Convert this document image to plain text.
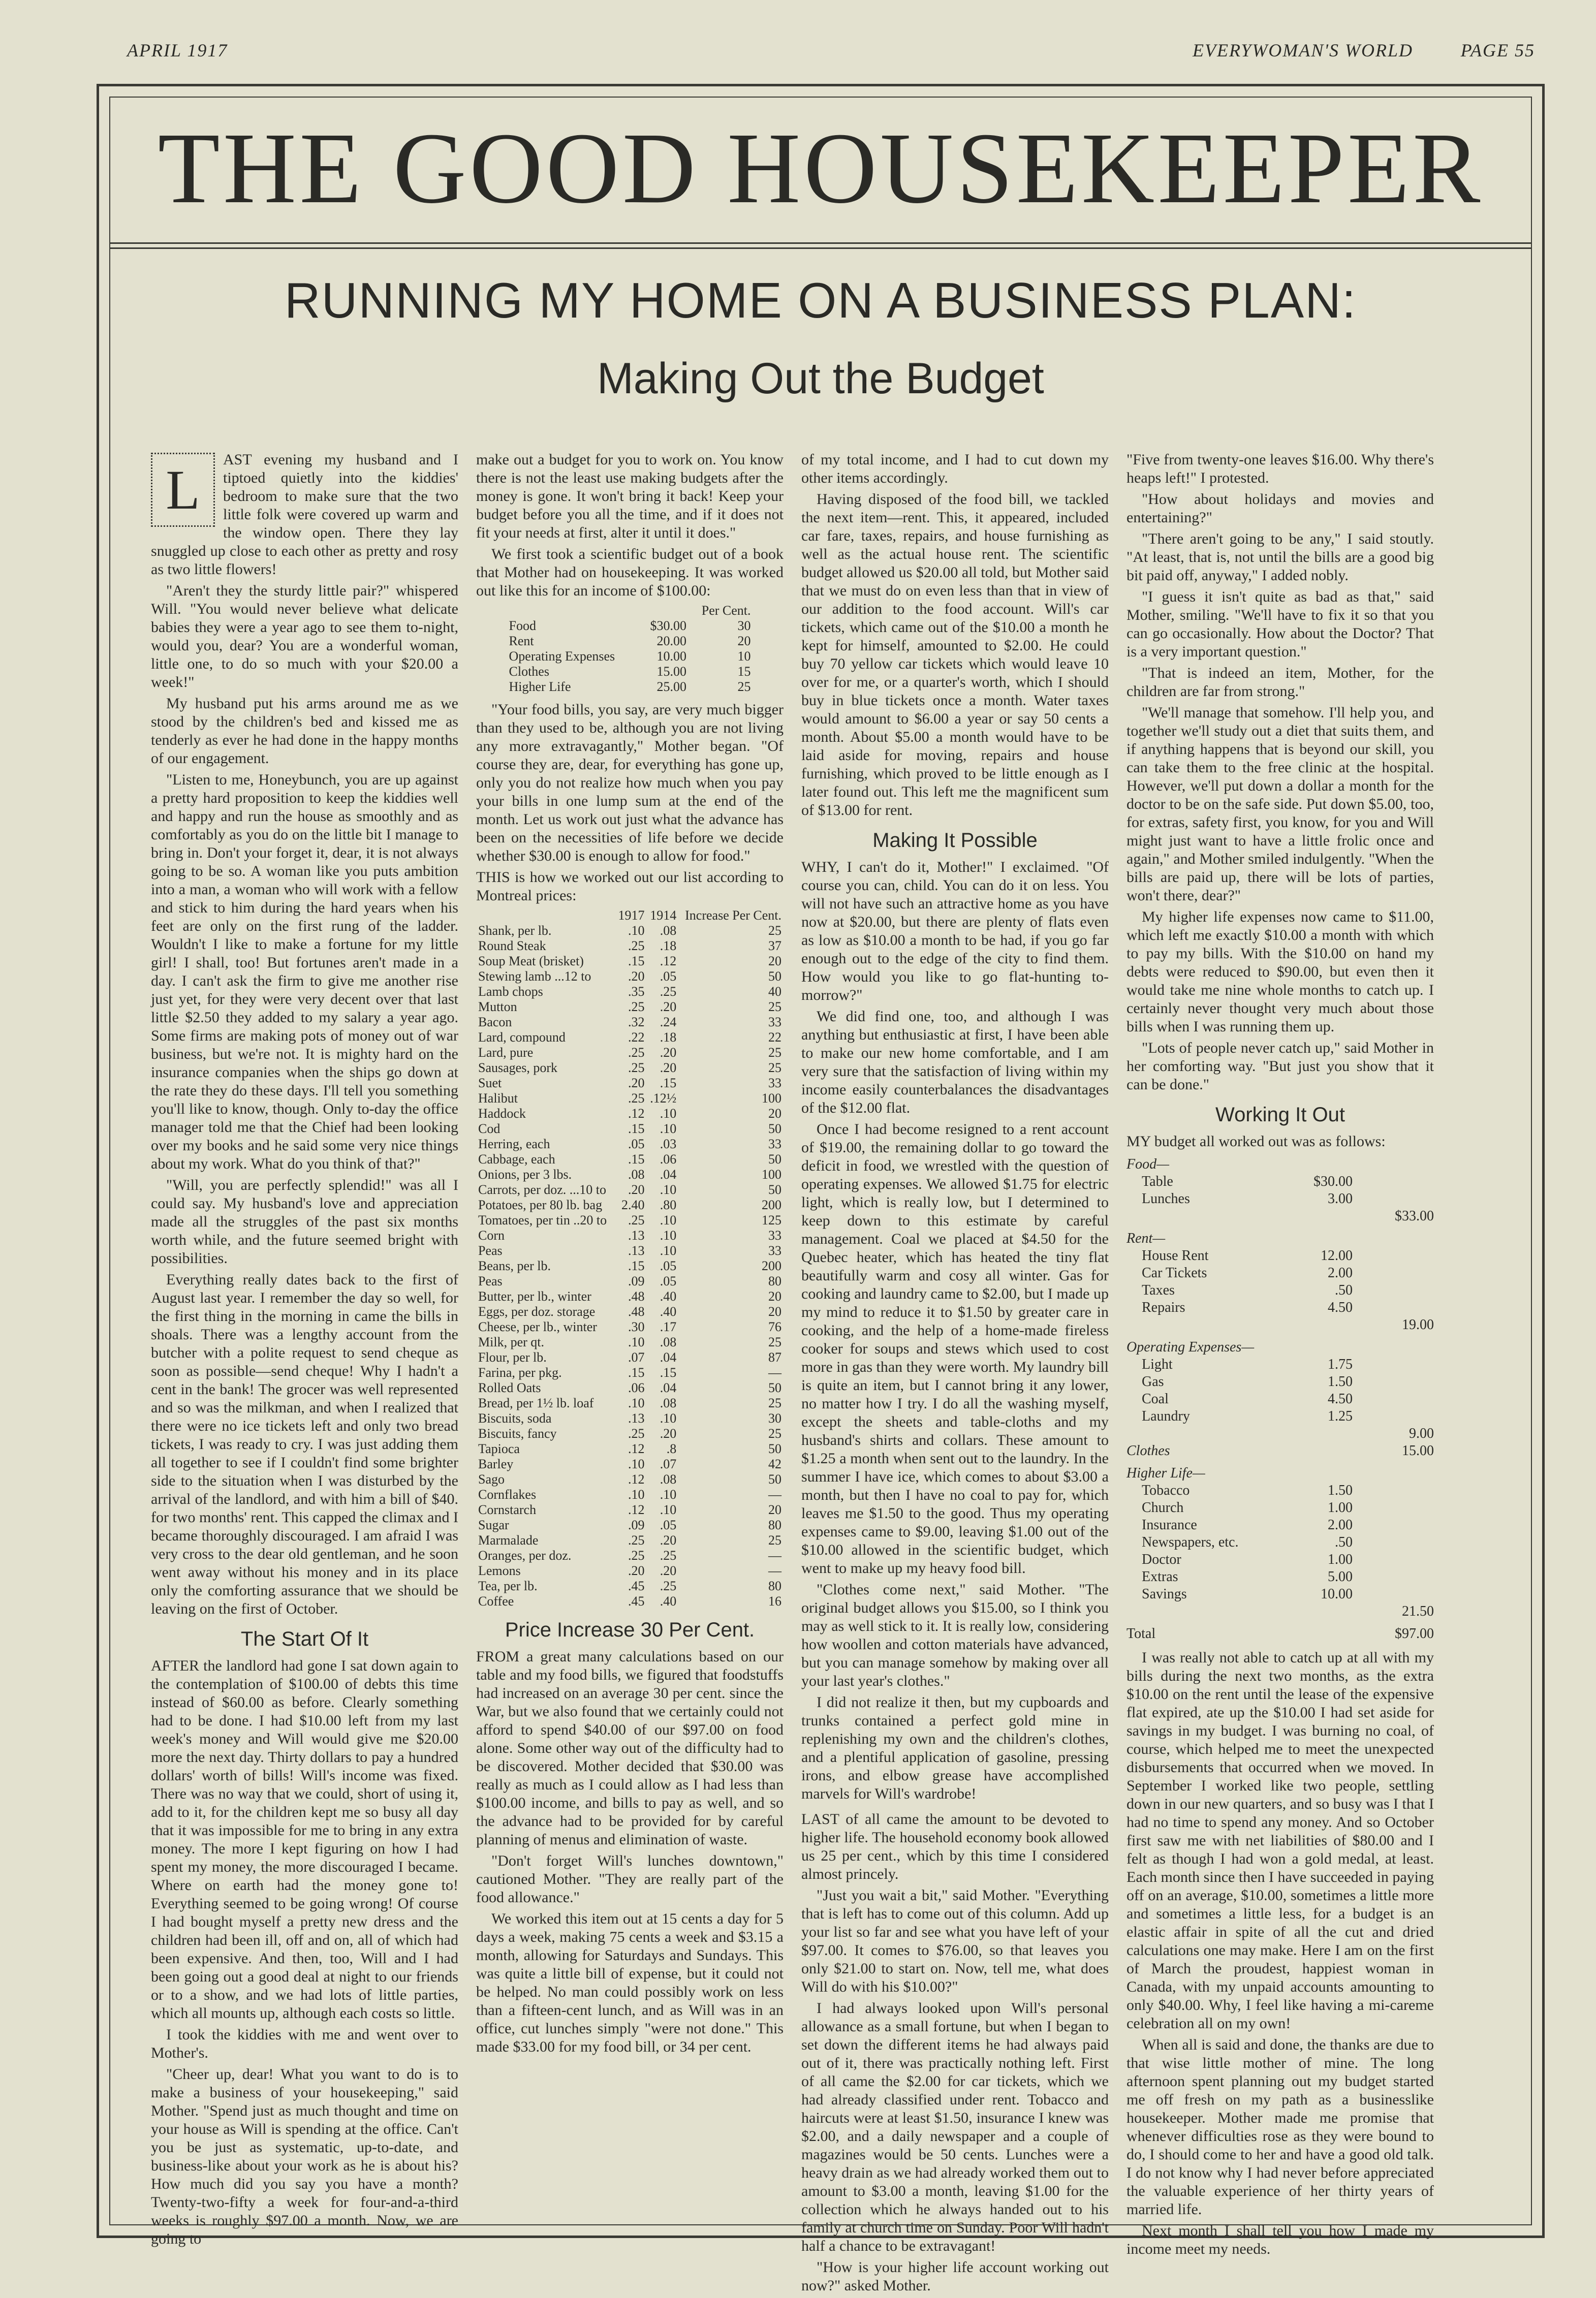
APRIL 1917	EVERYWOMAN'S WORLD	PAGE 55
THE GOOD HOUSEKEEPER
RUNNING MY HOME ON A BUSINESS PLAN:
Making Out the Budget

L	AST evening my husband and I tiptoed quietly into the kiddies' bedroom to make sure that the two little folk were covered up warm and the window open. There they lay snuggled up close to each other as pretty and rosy as two little flowers!

"Aren't they the sturdy little pair?" whispered Will. "You would never believe what delicate babies they were a year ago to see them to-night, would you, dear? You are a wonderful woman, little one, to do so much with your $20.00 a week!"

My husband put his arms around me as we stood by the children's bed and kissed me as tenderly as ever he had done in the happy months of our engagement.

"Listen to me, Honeybunch, you are up against a pretty hard proposition to keep the kiddies well and happy and run the house as smoothly and as comfortably as you do on the little bit I manage to bring in. Don't your forget it, dear, it is not always going to be so. A woman like you puts ambition into a man, a woman who will work with a fellow and stick to him during the hard years when his feet are only on the first rung of the ladder. Wouldn't I like to make a fortune for my little girl! I shall, too! But fortunes aren't made in a day. I can't ask the firm to give me another rise just yet, for they were very decent over that last little $2.50 they added to my salary a year ago. Some firms are making pots of money out of war business, but we're not. It is mighty hard on the insurance companies when the ships go down at the rate they do these days. I'll tell you something you'll like to know, though. Only to-day the office manager told me that the Chief had been looking over my books and he said some very nice things about my work. What do you think of that?"

"Will, you are perfectly splendid!" was all I could say. My husband's love and appreciation made all the struggles of the past six months worth while, and the future seemed bright with possibilities.

Everything really dates back to the first of August last year. I remember the day so well, for the first thing in the morning in came the bills in shoals. There was a lengthy account from the butcher with a polite request to send cheque as soon as possible—send cheque! Why I hadn't a cent in the bank! The grocer was well represented and so was the milkman, and when I realized that there were no ice tickets left and only two bread tickets, I was ready to cry. I was just adding them all together to see if I couldn't find some brighter side to the situation when I was disturbed by the arrival of the landlord, and with him a bill of $40. for two months' rent. This capped the climax and I became thoroughly discouraged. I am afraid I was very cross to the dear old gentleman, and he soon went away without his money and in its place only the comforting assurance that we should be leaving on the first of October.

The Start Of It

AFTER the landlord had gone I sat down again to the contemplation of $100.00 of debts this time instead of $60.00 as before. Clearly something had to be done. I had $10.00 left from my last week's money and Will would give me $20.00 more the next day. Thirty dollars to pay a hundred dollars' worth of bills! Will's income was fixed. There was no way that we could, short of using it, add to it, for the children kept me so busy all day that it was impossible for me to bring in any extra money. The more I kept figuring on how I had spent my money, the more discouraged I became. Where on earth had the money gone to! Everything seemed to be going wrong! Of course I had bought myself a pretty new dress and the children had been ill, off and on, all of which had been expensive. And then, too, Will and I had been going out a good deal at night to our friends or to a show, and we had lots of little parties, which all mounts up, although each costs so little.

I took the kiddies with me and went over to Mother's.

"Cheer up, dear! What you want to do is to make a business of your housekeeping," said Mother. "Spend just as much thought and time on your house as Will is spending at the office. Can't you be just as systematic, up-to-date, and business-like about your work as he is about his? How much did you say you have a month? Twenty-two-fifty a week for four-and-a-third weeks is roughly $97.00 a month. Now, we are going to

make out a budget for you to work on. You know there is not the least use making budgets after the money is gone. It won't bring it back! Keep your budget before you all the time, and if it does not fit your needs at first, alter it until it does."

We first took a scientific budget out of a book that Mother had on housekeeping. It was worked out like this for an income of $100.00:

		Per Cent.
Food	$30.00	30
Rent	20.00	20
Operating Expenses	10.00	10
Clothes	15.00	15
Higher Life	25.00	25

"Your food bills, you say, are very much bigger than they used to be, although you are not living any more extravagantly," Mother began. "Of course they are, dear, for everything has gone up, only you do not realize how much when you pay your bills in one lump sum at the end of the month. Let us work out just what the advance has been on the necessities of life before we decide whether $30.00 is enough to allow for food."

THIS is how we worked out our list according to Montreal prices:

	1917	1914	Increase Per Cent.
Shank, per lb.	.10	.08	25
Round Steak	.25	.18	37
Soup Meat (brisket)	.15	.12	20
Stewing lamb ...12 to	.20	.05	50
Lamb chops	.35	.25	40
Mutton	.25	.20	25
Bacon	.32	.24	33
Lard, compound	.22	.18	22
Lard, pure	.25	.20	25
Sausages, pork	.25	.20	25
Suet	.20	.15	33
Halibut	.25	.12½	100
Haddock	.12	.10	20
Cod	.15	.10	50
Herring, each	.05	.03	33
Cabbage, each	.15	.06	50
Onions, per 3 lbs.	.08	.04	100
Carrots, per doz. ...10 to	.20	.10	50
Potatoes, per 80 lb. bag	2.40	.80	200
Tomatoes, per tin ..20 to	.25	.10	125
Corn	.13	.10	33
Peas	.13	.10	33
Beans, per lb.	.15	.05	200
Peas	.09	.05	80
Butter, per lb., winter	.48	.40	20
Eggs, per doz. storage	.48	.40	20
Cheese, per lb., winter	.30	.17	76
Milk, per qt.	.10	.08	25
Flour, per lb.	.07	.04	87
Farina, per pkg.	.15	.15	—
Rolled Oats	.06	.04	50
Bread, per 1½ lb. loaf	.10	.08	25
Biscuits, soda	.13	.10	30
Biscuits, fancy	.25	.20	25
Tapioca	.12	.8	50
Barley	.10	.07	42
Sago	.12	.08	50
Cornflakes	.10	.10	—
Cornstarch	.12	.10	20
Sugar	.09	.05	80
Marmalade	.25	.20	25
Oranges, per doz.	.25	.25	—
Lemons	.20	.20	—
Tea, per lb.	.45	.25	80
Coffee	.45	.40	16
Price Increase 30 Per Cent.

FROM a great many calculations based on our table and my food bills, we figured that foodstuffs had increased on an average 30 per cent. since the War, but we also found that we certainly could not afford to spend $40.00 of our $97.00 on food alone. Some other way out of the difficulty had to be discovered. Mother decided that $30.00 was really as much as I could allow as I had less than $100.00 income, and bills to pay as well, and so the advance had to be provided for by careful planning of menus and elimination of waste.

"Don't forget Will's lunches downtown," cautioned Mother. "They are really part of the food allowance."

We worked this item out at 15 cents a day for 5 days a week, making 75 cents a week and $3.15 a month, allowing for Saturdays and Sundays. This was quite a little bill of expense, but it could not be helped. No man could possibly work on less than a fifteen-cent lunch, and as Will was in an office, cut lunches simply "were not done." This made $33.00 for my food bill, or 34 per cent.

of my total income, and I had to cut down my other items accordingly.

Having disposed of the food bill, we tackled the next item—rent. This, it appeared, included car fare, taxes, repairs, and house furnishing as well as the actual house rent. The scientific budget allowed us $20.00 all told, but Mother said that we must do on even less than that in view of our addition to the food account. Will's car tickets, which came out of the $10.00 a month he kept for himself, amounted to $2.00. He could buy 70 yellow car tickets which would leave 10 over for me, or a quarter's worth, which I should buy in blue tickets once a month. Water taxes would amount to $6.00 a year or say 50 cents a month. About $5.00 a month would have to be laid aside for moving, repairs and house furnishing, which proved to be little enough as I later found out. This left me the magnificent sum of $13.00 for rent.

Making It Possible

WHY, I can't do it, Mother!" I exclaimed. "Of course you can, child. You can do it on less. You will not have such an attractive home as you have now at $20.00, but there are plenty of flats even as low as $10.00 a month to be had, if you go far enough out to the edge of the city to find them. How would you like to go flat-hunting to-morrow?"

We did find one, too, and although I was anything but enthusiastic at first, I have been able to make our new home comfortable, and I am very sure that the satisfaction of living within my income easily counterbalances the disadvantages of the $12.00 flat.

Once I had become resigned to a rent account of $19.00, the remaining dollar to go toward the deficit in food, we wrestled with the question of operating expenses. We allowed $1.75 for electric light, which is really low, but I determined to keep down to this estimate by careful management. Coal we placed at $4.50 for the Quebec heater, which has heated the tiny flat beautifully warm and cosy all winter. Gas for cooking and laundry came to $2.00, but I made up my mind to reduce it to $1.50 by greater care in cooking, and the help of a home-made fireless cooker for soups and stews which used to cost more in gas than they were worth. My laundry bill is quite an item, but I cannot bring it any lower, no matter how I try. I do all the washing myself, except the sheets and table-cloths and my husband's shirts and collars. These amount to $1.25 a month when sent out to the laundry. In the summer I have ice, which comes to about $3.00 a month, but then I have no coal to pay for, which leaves me $1.50 to the good. Thus my operating expenses came to $9.00, leaving $1.00 out of the $10.00 allowed in the scientific budget, which went to make up my heavy food bill.

"Clothes come next," said Mother. "The original budget allows you $15.00, so I think you may as well stick to it. It is really low, considering how woollen and cotton materials have advanced, but you can manage somehow by making over all your last year's clothes."

I did not realize it then, but my cupboards and trunks contained a perfect gold mine in replenishing my own and the children's clothes, and a plentiful application of gasoline, pressing irons, and elbow grease have accomplished marvels for Will's wardrobe!

LAST of all came the amount to be devoted to higher life. The household economy book allowed us 25 per cent., which by this time I considered almost princely.

"Just you wait a bit," said Mother. "Everything that is left has to come out of this column. Add up your list so far and see what you have left of your $97.00. It comes to $76.00, so that leaves you only $21.00 to start on. Now, tell me, what does Will do with his $10.00?"

I had always looked upon Will's personal allowance as a small fortune, but when I began to set down the different items he had always paid out of it, there was practically nothing left. First of all came the $2.00 for car tickets, which we had already classified under rent. Tobacco and haircuts were at least $1.50, insurance I knew was $2.00, and a daily newspaper and a couple of magazines would be 50 cents. Lunches were a heavy drain as we had already worked them out to amount to $3.00 a month, leaving $1.00 for the collection which he always handed out to his family at church time on Sunday. Poor Will hadn't half a chance to be extravagant!

"How is your higher life account working out now?" asked Mother.

"Five from twenty-one leaves $16.00. Why there's heaps left!" I protested.

"How about holidays and movies and entertaining?"

"There aren't going to be any," I said stoutly. "At least, that is, not until the bills are a good big bit paid off, anyway," I added nobly.

"I guess it isn't quite as bad as that," said Mother, smiling. "We'll have to fix it so that you can go occasionally. How about the Doctor? That is a very important question."

"That is indeed an item, Mother, for the children are far from strong."

"We'll manage that somehow. I'll help you, and together we'll study out a diet that suits them, and if anything happens that is beyond our skill, you can take them to the free clinic at the hospital. However, we'll put down a dollar a month for the doctor to be on the safe side. Put down $5.00, too, for extras, safety first, you know, for you and Will might just want to have a little frolic once and again," and Mother smiled indulgently. "When the bills are paid up, there will be lots of parties, won't there, dear?"

My higher life expenses now came to $11.00, which left me exactly $10.00 a month with which to pay my bills. With the $10.00 on hand my debts were reduced to $90.00, but even then it would take me nine whole months to catch up. I certainly never thought very much about those bills when I was running them up.

"Lots of people never catch up," said Mother in her comforting way. "But just you show that it can be done."

Working It Out

MY budget all worked out was as follows:

Food—
Table	$30.00
Lunches	3.00
$33.00
Rent—
House Rent	12.00
Car Tickets	2.00
Taxes	.50
Repairs	4.50
19.00
Operating Expenses—
Light	1.75
Gas	1.50
Coal	4.50
Laundry	1.25
9.00
Clothes	15.00
Higher Life—
Tobacco	1.50
Church	1.00
Insurance	2.00
Newspapers, etc.	.50
Doctor	1.00
Extras	5.00
Savings	10.00
21.50
Total	$97.00

I was really not able to catch up at all with my bills during the next two months, as the extra $10.00 on the rent until the lease of the expensive flat expired, ate up the $10.00 I had set aside for savings in my budget. I was burning no coal, of course, which helped me to meet the unexpected disbursements that occurred when we moved. In September I worked like two people, settling down in our new quarters, and so busy was I that I had no time to spend any money. And so October first saw me with net liabilities of $80.00 and I felt as though I had won a gold medal, at least. Each month since then I have succeeded in paying off on an average, $10.00, sometimes a little more and sometimes a little less, for a budget is an elastic affair in spite of all the cut and dried calculations one may make. Here I am on the first of March the proudest, happiest woman in Canada, with my unpaid accounts amounting to only $40.00. Why, I feel like having a mi-careme celebration all on my own!

When all is said and done, the thanks are due to that wise little mother of mine. The long afternoon spent planning out my budget started me off fresh on my path as a businesslike housekeeper. Mother made me promise that whenever difficulties rose as they were bound to do, I should come to her and have a good old talk. I do not know why I had never before appreciated the valuable experience of her thirty years of married life.

Next month I shall tell you how I made my income meet my needs.
